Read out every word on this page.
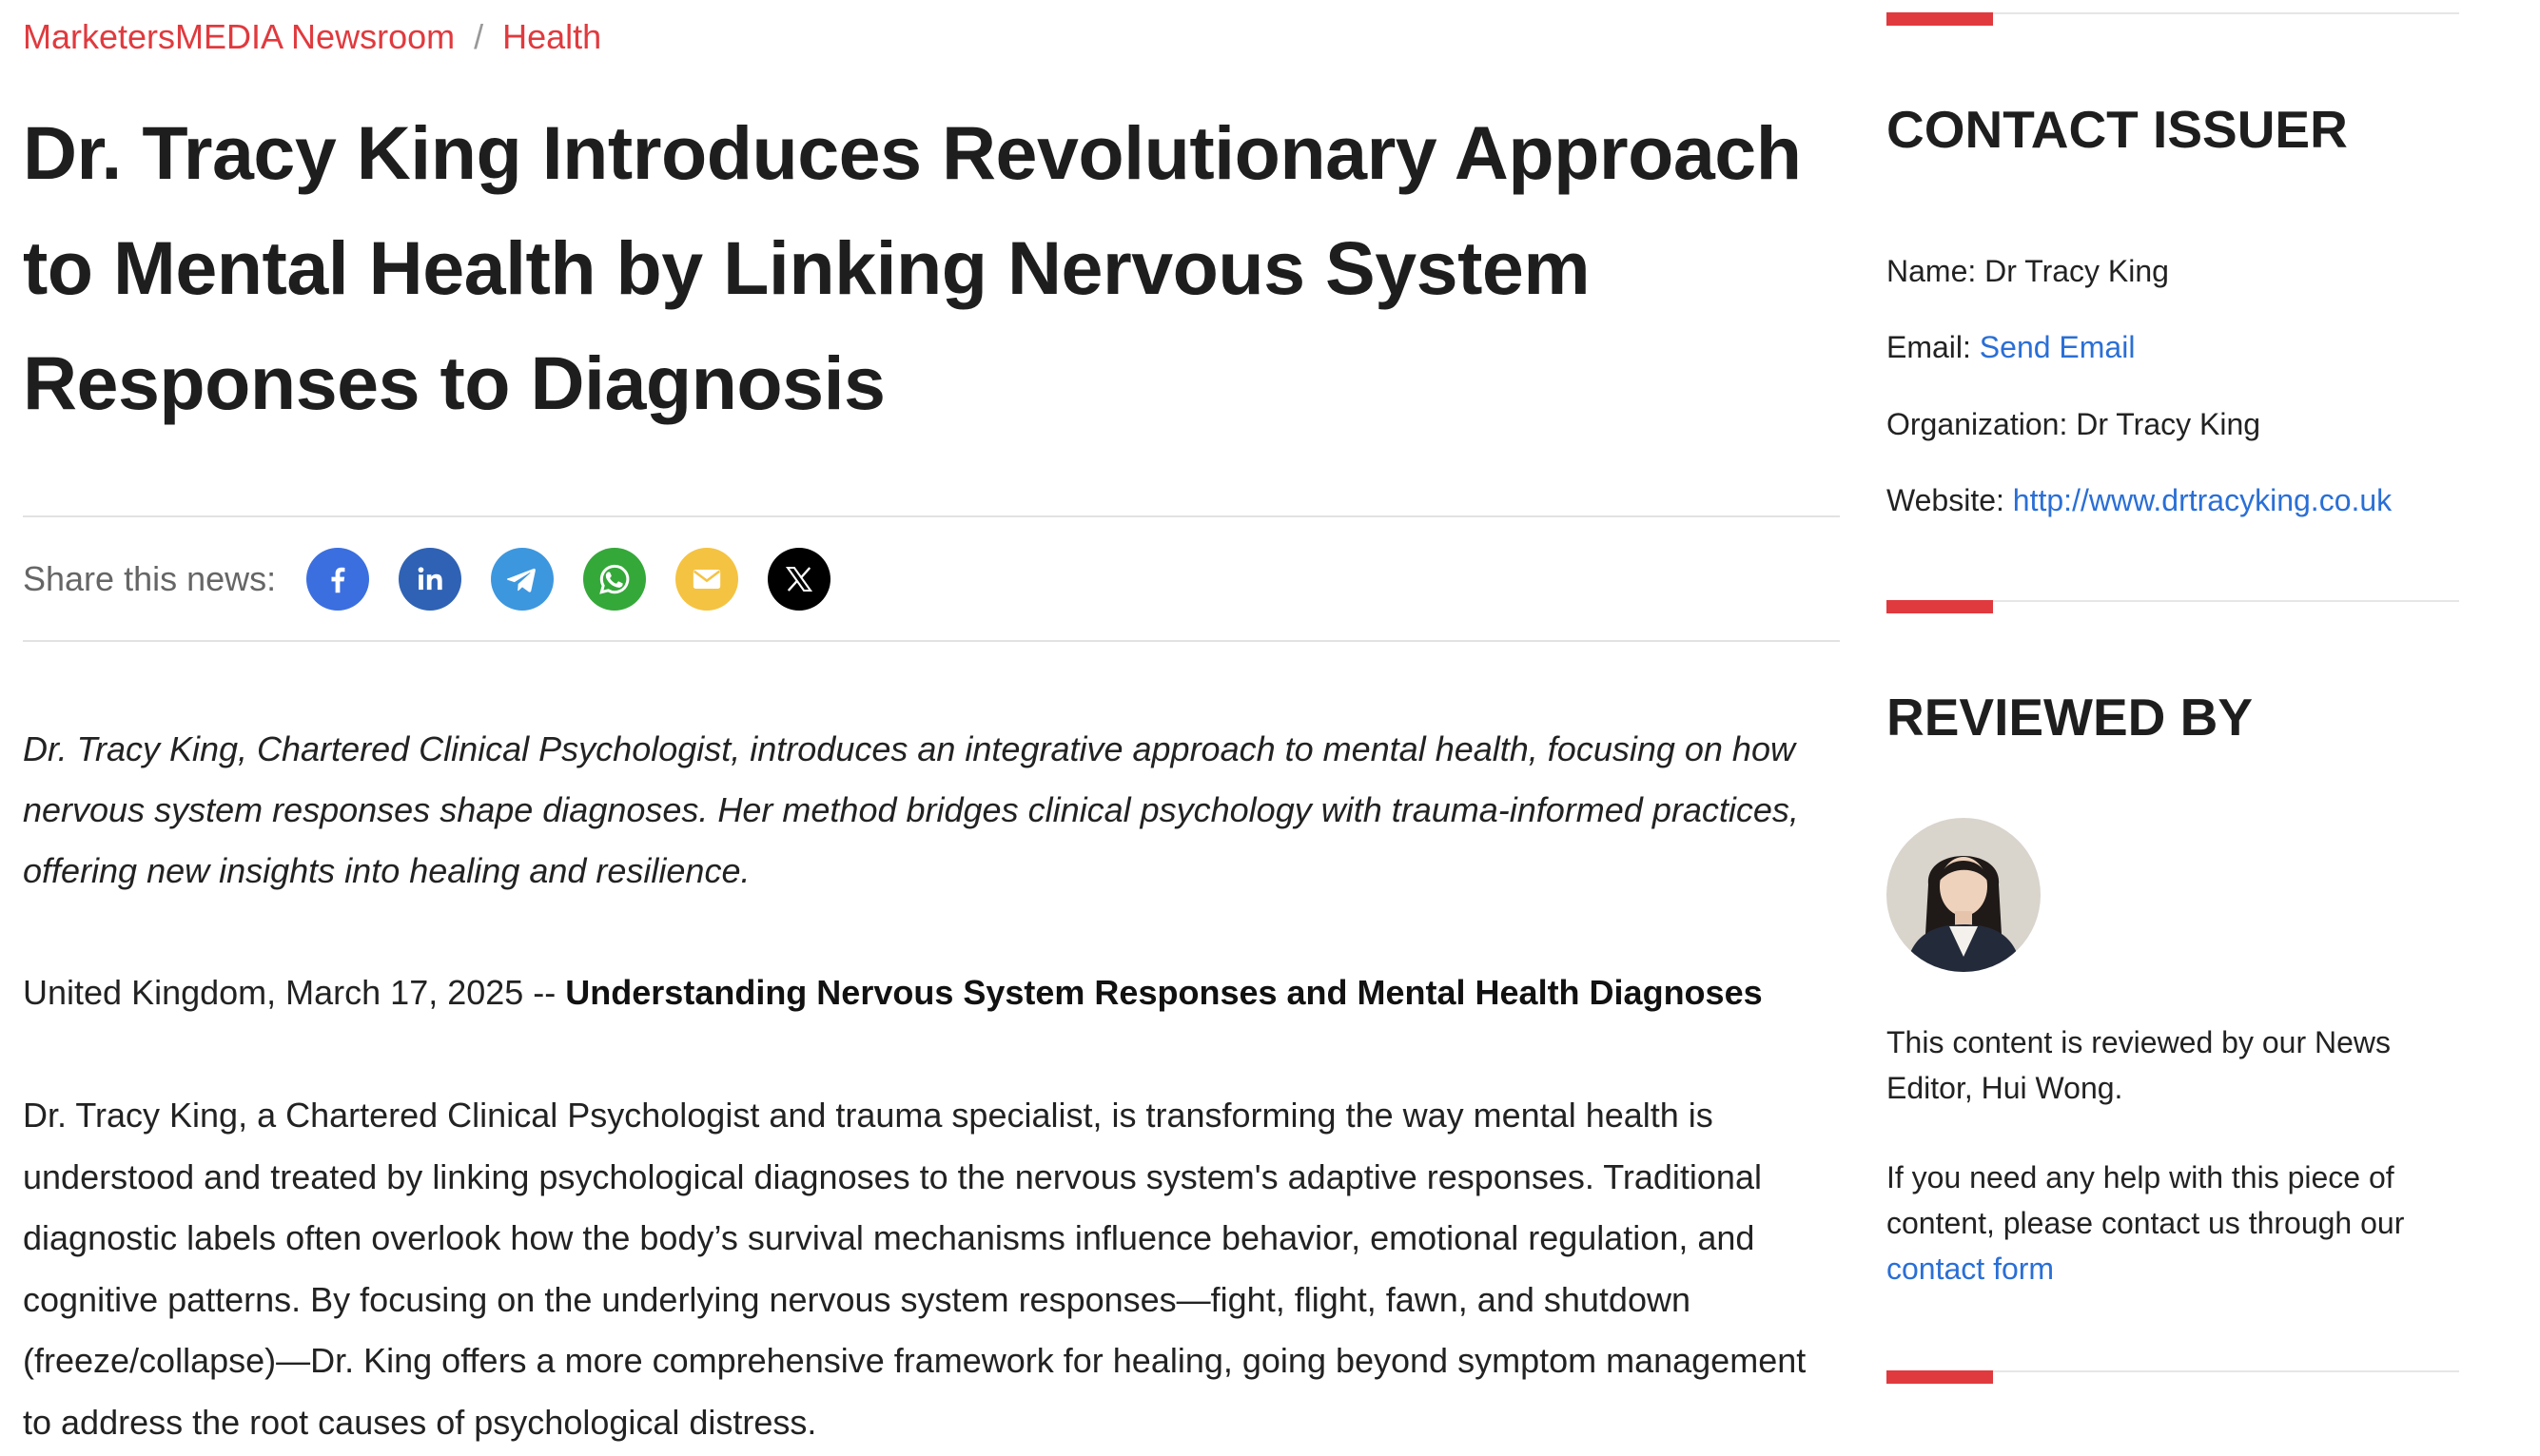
MarketersMEDIA Newsroom / Health
Dr. Tracy King Introduces Revolutionary Approach to Mental Health by Linking Nervous System Responses to Diagnosis
Share this news:

Dr. Tracy King, Chartered Clinical Psychologist, introduces an integrative approach to mental health, focusing on how nervous system responses shape diagnoses. Her method bridges clinical psychology with trauma-informed practices, offering new insights into healing and resilience.

United Kingdom, March 17, 2025 -- Understanding Nervous System Responses and Mental Health Diagnoses

Dr. Tracy King, a Chartered Clinical Psychologist and trauma specialist, is transforming the way mental health is understood and treated by linking psychological diagnoses to the nervous system's adaptive responses. Traditional diagnostic labels often overlook how the body’s survival mechanisms influence behavior, emotional regulation, and cognitive patterns. By focusing on the underlying nervous system responses—fight, flight, fawn, and shutdown (freeze/collapse)—Dr. King offers a more comprehensive framework for healing, going beyond symptom management to address the root causes of psychological distress.

CONTACT ISSUER
Name: Dr Tracy King
Email: Send Email
Organization: Dr Tracy King
Website: http://www.drtracyking.co.uk
REVIEWED BY

This content is reviewed by our News Editor, Hui Wong.

If you need any help with this piece of content, please contact us through our contact form
